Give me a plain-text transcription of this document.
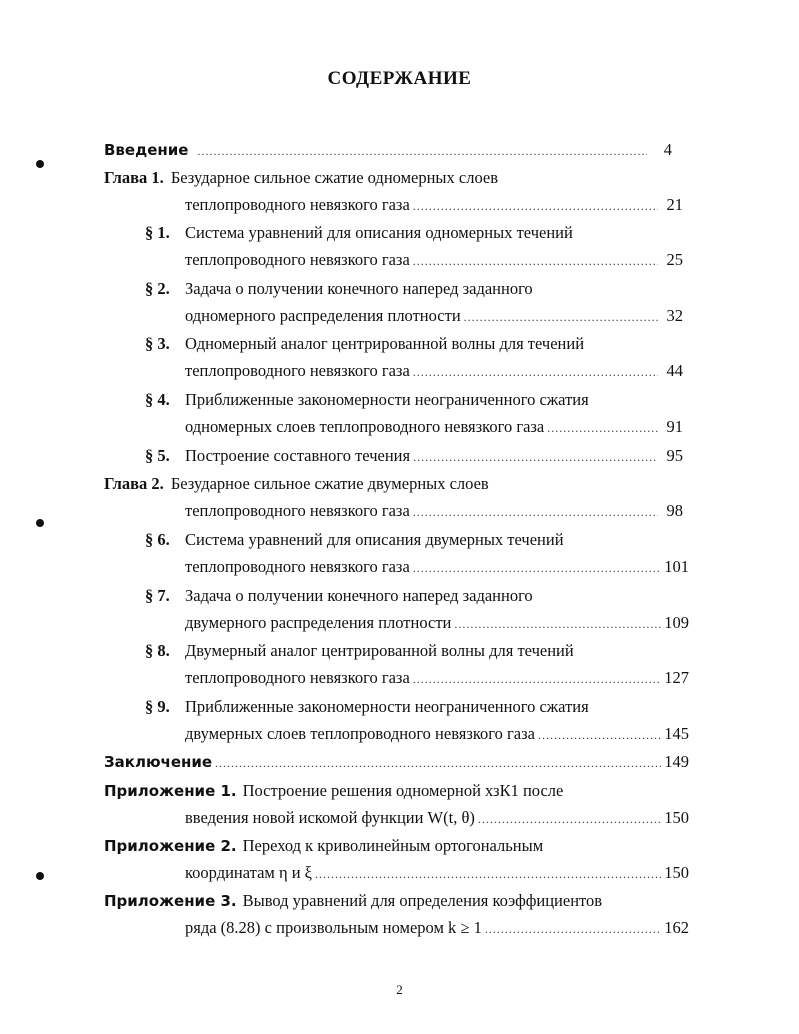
СОДЕРЖАНИЕ
Введение .....	4
Глава 1. Безударное сильное сжатие одномерных слоев
теплопроводного невязкого газа .....	21
§ 1. Система уравнений для описания одномерных течений
теплопроводного невязкого газа .....	25
§ 2. Задача о получении конечного наперед заданного
одномерного распределения плотности .....	32
§ 3. Одномерный аналог центрированной волны для течений
теплопроводного невязкого газа .....	44
§ 4. Приближенные закономерности неограниченного сжатия
одномерных слоев теплопроводного невязкого газа .....	91
§ 5. Построение составного течения .....	95
Глава 2. Безударное сильное сжатие двумерных слоев
теплопроводного невязкого газа .....	98
§ 6. Система уравнений для описания двумерных течений
теплопроводного невязкого газа .....	101
§ 7. Задача о получении конечного наперед заданного
двумерного распределения плотности .....	109
§ 8. Двумерный аналог центрированной волны для течений
теплопроводного невязкого газа .....	127
§ 9. Приближенные закономерности неограниченного сжатия
двумерных слоев теплопроводного невязкого газа .....	145
Заключение .....	149
Приложение 1. Построение решения одномерной хзК1 после
введения новой искомой функции W(t, θ) .....	150
Приложение 2. Переход к криволинейным ортогональным
координатам η и ξ .....	150
Приложение 3. Вывод уравнений для определения коэффициентов
ряда (8.28) с произвольным номером k ≥ 1 .....	162
2
